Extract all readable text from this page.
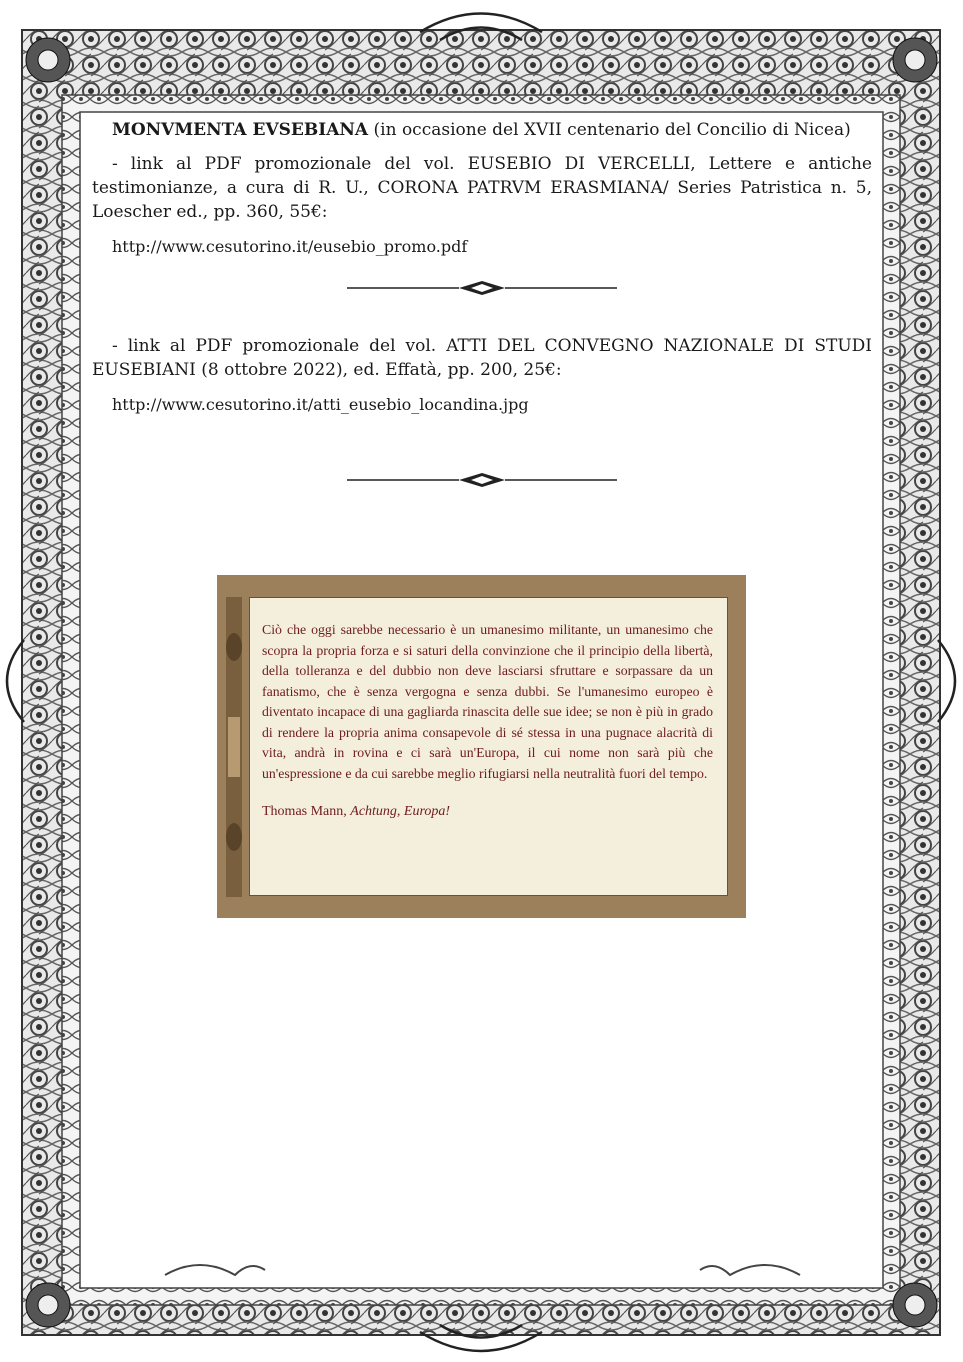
MONVMENTA EVSEBIANA (in occasione del XVII centenario del Concilio di Nicea)

- link al PDF promozionale del vol. EUSEBIO DI VERCELLI, Lettere e antiche testimonianze, a cura di R. U., CORONA PATRVM ERASMIANA/ Series Patristica n. 5, Loescher ed., pp. 360, 55€:

http://www.cesutorino.it/eusebio_promo.pdf

- link al PDF promozionale del vol. ATTI DEL CONVEGNO NAZIONALE DI STUDI EUSEBIANI (8 ottobre 2022), ed. Effatà, pp. 200, 25€:

http://www.cesutorino.it/atti_eusebio_locandina.jpg

Ciò che oggi sarebbe necessario è un umanesimo militante, un umanesimo che scopra la propria forza e si saturi della convinzione che il principio della libertà, della tolleranza e del dubbio non deve lasciarsi sfruttare e sorpassare da un fanatismo, che è senza vergogna e senza dubbi. Se l'umanesimo europeo è diventato incapace di una gagliarda rinascita delle sue idee; se non è più in grado di rendere la propria anima consapevole di sé stessa in una pugnace alacrità di vita, andrà in rovina e ci sarà un'Europa, il cui nome non sarà più che un'espressione e da cui sarebbe meglio rifugiarsi nella neutralità fuori del tempo.

Thomas Mann, Achtung, Europa!
